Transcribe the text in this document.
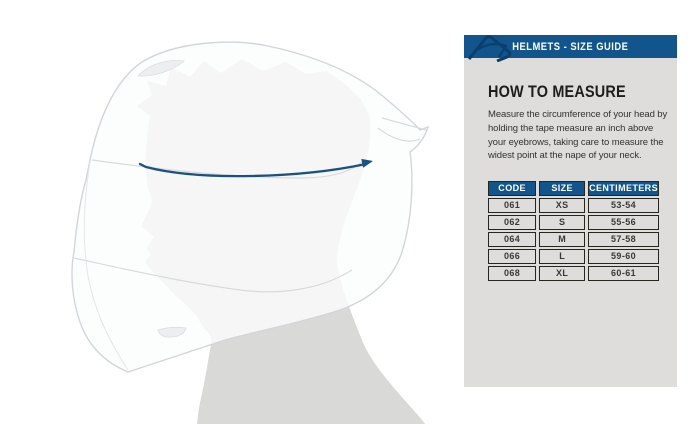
HELMETS - SIZE GUIDE
HOW TO MEASURE

Measure the circumference of your head by holding the tape measure an inch above your eyebrows, taking care to measure the widest point at the nape of your neck.

CODE	SIZE	CENTIMETERS
061	XS	53-54
062	S	55-56
064	M	57-58
066	L	59-60
068	XL	60-61
